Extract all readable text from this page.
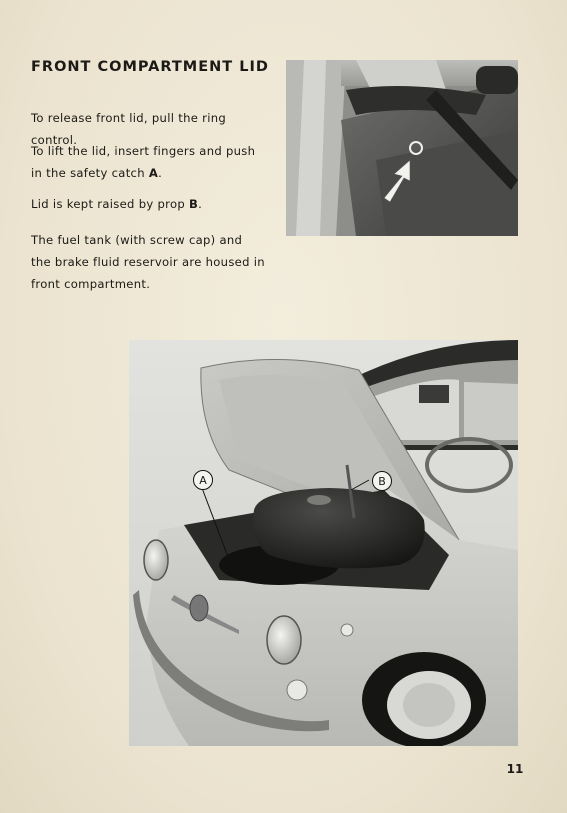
FRONT COMPARTMENT LID

To release front lid, pull the ring control.

To lift the lid, insert fingers and push in the safety catch A.

Lid is kept raised by prop B.

The fuel tank (with screw cap) and the brake fluid reservoir are housed in front compartment.

A	B
11
